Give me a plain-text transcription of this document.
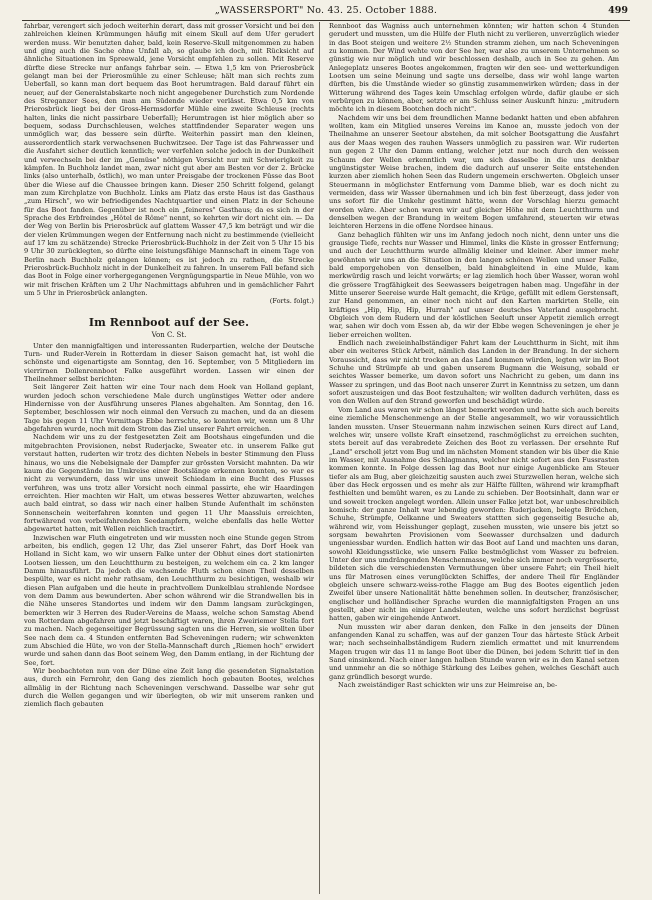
„WASSERSPORT" No. 43. 25. October 1888.	499

fahrbar, verengert sich jedoch weiterhin derart, dass mit grosser Vorsicht und bei den zahlreichen kleinen Krümmungen häufig mit einem Skull auf dem Ufer gerudert werden muss. Wir benutzten daher, bald, kein Reserve-Skull mitgenommen zu haben und ging auch die Sache ohne Unfall ab, so glaube ich doch, mit Rücksicht auf ähnliche Situationen im Spreewald, jene Vorsicht empfehlen zu sollen. Mit Reserve dürfte diese Strecke nur anfangs fahrbar sein. — Etwa 1,5 km von Prierosbrück gelangt man bei der Prierosmühle zu einer Schleuse; hält man sich rechts zum Ueberfall, so kann man dort bequem das Boot herumtragen. Bald darauf führt ein neuer, auf der Generalstabskarte noch nicht angegebener Durchstich zum Nordende des Streganzer Sees, den man am Südende wieder verlässt. Etwa 0,5 km von Prierosbrück liegt bei der Gross-Hermsdorfer Mühle eine zweite Schleuse (rechts halten, links die nicht passirbare Ueberfall); Herumtragen ist hier möglich aber so bequem, sodass Durchschleusen, welches stattfindender Separater wegen uns unmöglich war, das bessere sein dürfte. Weiterhin passirt man den kleinen, ausserordentlich stark verwachsenen Buchwitzsee. Der Tage ist das Fahrwasser und die Ausfahrt sicher deutlich kenntlich; wer verfehlen solche jedoch in der Dunkelheit und verwechseln bei der im „Gemüse" nöthigen Vorsicht nur mit Schwierigkeit zu kämpfen. In Buchholz landet man, zwar nicht gut aber am Besten vor der 2. Brücke links (also unterhalb, östlich), wo man unter Preisgabe der trockenen Füsse das Boot über die Wiese auf die Chaussee bringen kann. Dieser 250 Schritt folgend, gelangt man zum Kirchplatze von Buchholz. Links am Platz das erste Haus ist das Gasthaus „zum Hirsch", wo wir befriedigendes Nachtquartier und einen Platz in der Scheune für das Boot fanden. Gegenüber ist noch ein „feineres" Gasthaus; da es sich in der Sprache des Erbfreindes „Hôtel de Rôme" nennt, so kehrten wir dort nicht ein. — Da der Weg von Berlin bis Prierosbrück auf glattem Wasser 47,5 km beträgt und wir die der vielen Krümmungen wegen der Entfernung nach nicht zu bestimmende (vielleicht auf 17 km zu schätzende) Strecke Prierosbrück-Buchholz in der Zeit von 5 Uhr 15 bis 9 Uhr 30 zurücklegten, so dürfte eine leistungsfähige Mannschaft in einem Tage von Berlin nach Buchholz gelangen können; es ist jedoch zu rathen, die Strecke Prierosbrück-Buchholz nicht in der Dunkelheit zu fahren. In unserem Fall befand sich das Boot in Folge einer vorhergegangenen Vergnügungspartie in Neue Mühle, von wo wir mit frischen Kräften um 2 Uhr Nachmittags abfuhren und in gemächlicher Fahrt um 5 Uhr in Prierosbrück anlangten.

(Forts. folgt.)
Im Rennboot auf der See.
Von C. St.

Unter den mannigfaltigen und interessanten Ruderpartien, welche der Deutsche Turn- und Ruder-Verein in Rotterdam in dieser Saison gemacht hat, ist wohl die schönste und eigenartigste am Sonntag, den 16. September, von 5 Mitgliedern im vierrirnen Dollenrennboot Falke ausgeführt worden. Lassen wir einen der Theilnehmer selbst berichten:

Seit längerer Zeit hatten wir eine Tour nach dem Hoek van Holland geplant, wurden jedoch schon verschiedene Male durch ungünstiges Wetter oder andere Hindernisse von der Ausführung unseres Planes abgehalten. Am Sonntag, den 16. September, beschlossen wir noch einmal den Versuch zu machen, und da an diesem Tage bis gegen 11 Uhr Vormittags Ebbe herrschte, so konnten wir, wenn um 8 Uhr abgefahren wurde, noch mit dem Strom das Ziel unserer Fahrt erreichen.

Nachdem wir uns zu der festgesetzten Zeit am Bootshaus eingefunden und die mitgebrachten Provisionen, nebst Ruderjacke, Sweater etc. in unserem Falke gut verstaut hatten, ruderten wir trotz des dichten Nebels in bester Stimmung den Fluss hinaus, wo uns die Nebelsignale der Dampfer zur grössten Vorsicht mahnten. Da wir kaum die Gegenstände im Umkreise einer Bootslänge erkennen konnten, so war es nicht zu verwundern, dass wir uns unweit Schiedam in eine Bucht des Flusses verfuhren, was uns trotz aller Vorsicht noch einmal passirte, ehe wir Haardingen erreichten. Hier machten wir Halt, um etwas besseres Wetter abzuwarten, welches auch bald eintrat, so dass wir nach einer halben Stunde Aufenthalt im schönsten Sonnenschein weiterfahren konnten und gegen 11 Uhr Maassluis erreichten, fortwährend von vorbeifahrenden Seedampfern, welche ebenfalls das helle Wetter abgewartet hatten, mit Wellen reichlich tractirt.

Inzwischen war Fluth eingetreten und wir mussten noch eine Stunde gegen Strom arbeiten, bis endlich, gegen 12 Uhr, das Ziel unserer Fahrt, das Dorf Hoek van Holland in Sicht kam, wo wir unsern Falke unter der Obhut eines dort stationirten Lootsen liessen, um den Leuchtthurm zu besteigen, zu welchem ein ca. 2 km langer Damm hinausführt. Da jedoch die wachsende Fluth schon einen Theil desselben bespülte, war es nicht mehr rathsam, den Leuchtthurm zu besichtigen, weshalb wir diesen Plan aufgaben und die heute in prachtvollem Dunkelblau strahlende Nordsee von dem Damm aus bewunderten. Aber schon während wir die Strandwellen bis in die Nähe unseres Standortes und indem wir den Damm langsam zurückgingen, bemerkten wir 3 Herren des Ruder-Vereins de Maass, welche schon Samstag Abend von Rotterdam abgefahren und jetzt beschäftigt waren, ihren Zweiriemer Stella fort zu machen. Nach gegenseitiger Begrüssung sagten uns die Herren, sie wollten über See nach dem ca. 4 Stunden entfernten Bad Scheveningen rudern; wir schwenkten zum Abschied die Hüte, wo von der Stella-Mannschaft durch „Riemen hoch" erwidert wurde und sahen dann das Boot seinem Weg, den Damm entlang, in der Richtung der See, fort.

Wir beobachteten nun von der Düne eine Zeit lang die gesendeten Signalstation aus, durch ein Fernrohr, den Gang des ziemlich hoch gebauten Bootes, welches allmälig in der Richtung nach Scheveningen verschwand. Dasselbe war sehr gut durch die Wellen gegangen und wir überlegten, ob wir mit unserem ranken und ziemlich flach gebauten

Rennboot das Wagniss auch unternehmen könnten; wir hatten schon 4 Stunden gerudert und mussten, um die Hülfe der Fluth nicht zu verlieren, unverzüglich wieder in das Boot steigen und weitere 2½ Stunden stramm ziehen, um nach Scheveningen zu kommen. Der Wind wehte von der See her, war also zu unserem Unternehmen so günstig wie nur möglich und wir beschlossen deshalb, auch in See zu gehen. Am Anlegeplatz unseres Bootes angekommen, fragten wir den see- und wetterkundigen Lootsen um seine Meinung und sagte uns derselbe, dass wir wohl lange warten dürften, bis die Umstände wieder so günstig zusammenwirken würden; dass in der Witterung während des Tages kein Umschlag erfolgen würde, dafür glaube er sich verbürgen zu können, aber, setzte er am Schluss seiner Auskunft hinzu: „mitrudern möchte ich in diesem Bootchen doch nicht".

Nachdem wir uns bei dem freundlichen Manne bedankt hatten und eben abfahren wollten, kam ein Mitglied unseres Vereins im Kanoe an, musste jedoch von der Theilnahme an unserer Seetour abstehen, da mit solcher Bootsgattung die Ausfahrt aus der Maas wegen des rauhen Wassers unmöglich zu passiren war. Wir ruderten nun gegen 2 Uhr den Damm entlang, welcher jetzt nur noch durch den weissen Schaum der Wellen erkenntlich war, um sich dasselbe in die uns denkbar ungünstigster Weise brachen, indem die dadurch auf unserer Seite entstehenden kurzen aber ziemlich hohen Seen das Rudern ungemein erschwerten. Obgleich unser Steuermann in möglichster Entfernung vom Damme blieb, war es doch nicht zu vermeiden, dass wir Wasser übernahmen und ich bin fest überzeugt, dass jeder von uns sofort für die Umkehr gestimmt hätte, wenn der Vorschlag hierzu gemacht worden wäre. Aber schon waren wir auf gleicher Höhe mit dem Leuchtthurm und denselben wegen der Brandung in weitem Bogen umfahrend, steuerten wir etwas leichteren Herzens in die offene Nordsee hinaus.

Ganz behaglich fühlten wir uns im Anfang jedoch noch nicht, denn unter uns die grausige Tiefe, rechts nur Wasser und Himmel, links die Küste in grosser Entfernung; und auch der Leuchtthurm wurde allmälig kleiner und kleiner. Aber immer mehr gewöhnten wir uns an die Situation in den langen schönen Wellen und unser Falke, bald emporgehoben von denselben, bald hinabgleitend in eine Mulde, kam merkwürdig rasch und leicht vorwärts; er lag ziemlich hoch über Wasser, woran wohl die grössere Tragfähigkeit des Seewassers beigetragen haben mag. Ungefähr in der Mitte unserer Seereise wurde Halt gemacht, die Krüge, gefüllt mit edlem Gerstensaft, zur Hand genommen, an einer noch nicht auf den Karten markirten Stelle, ein kräftiges „Hip, Hip, Hip, Hurrah" auf unser deutsches Vaterland ausgebracht. Obgleich von dem Rudern und der köstlichen Seeluft unser Appetit ziemlich erregt war, sahen wir doch vom Essen ab, da wir der Ebbe wegen Scheveningen je eher je lieber erreichen wollten.

Endlich nach zweieinhalbständiger Fahrt kam der Leuchtthurm in Sicht, mit ihm aber ein weiteres Stück Arbeit, nämlich das Landen in der Brandung. In der sichern Voraussicht, dass wir nicht trocken an das Land kommen würden, legten wir im Boot Schuhe und Strümpfe ab und gaben unserem Bugmann die Weisung, sobald er seichtes Wasser bemerke, um davon sofort uns Nachricht zu geben, um dann ins Wasser zu springen, und das Boot nach unserer Zurrt in Kenntniss zu setzen, um dann sofort auszusteigen und das Boot festzuhalten; wir wollten dadurch verhüten, dass es von den Wellen auf den Strand geworfen und beschädigt würde.

Vom Land aus waren wir schon längst bemerkt worden und hatte sich auch bereits eine ziemliche Menschenmenge an der Stelle angesammelt, wo wir voraussichtlich landen mussten. Unser Steuermann nahm inzwischen seinen Kurs direct auf Land, welches wir, unsere vollste Kraft einsetzend, raschmöglichst zu erreichen suchten, stets bereit auf das verabredete Zeichen des Boot zu verlassen. Der ersehnte Ruf „Land" erscholl jetzt vom Bug und im nächsten Moment standen wir bis über die Knie im Wasser, mit Ausnahme des Schlagmanns, welcher nicht sofort aus den Fussrasten kommen konnte. In Folge dessen lag das Boot nur einige Augenblicke am Steuer tiefer als am Bug, aber gleichzeitig sausten auch zwei Sturzwellen heran, welche sich über das Heck ergossen und es mehr als zur Hälfte füllten, während wir krampfhaft festhielten und bemüht waren, es zu Lande zu schieben. Der Bootsinhalt, dann war er und soweit trocken angelegt worden. Allein unser Falke jetzt bot, war unbeschreiblich komisch: der ganze Inhalt war lebendig geworden: Ruderjacken, belegte Brödchen, Schuhe, Strümpfe, Oelkanne und Sweaters stattten sich gegenseitig Besuche ab, während wir, vom Heisshunger geplagt, zusehen mussten, wie unsere bis jetzt so sorgsam bewahrten Provisionen vom Seewasser durchsalzen und dadurch ungeniessbar wurden. Endlich hatten wir das Boot auf Land und machten uns daran, sowohl Kleidungsstücke, wie unsern Falke bestmöglichst vom Wasser zu befreien. Unter der uns umdrängenden Menschenmasse, welche sich immer noch vergrösserte, bildeten sich die verschiedensten Vermuthungen über unsere Fahrt; ein Theil hielt uns für Matrosen eines verunglückten Schiffes, der andere Theil für Engländer obgleich unsere schwarz-weiss-rothe Flagge am Bug des Bootes eigentlich jeden Zweifel über unsere Nationalität hätte benehmen sollen. In deutscher, französischer, englischer und holländischer Sprache wurden die mannigfaltigsten Fragen an uns gestellt, aber nicht im einiger Landsleuten, welche uns sofort herzlichst begrüsst hatten, gaben wir eingehende Antwort.

Nun mussten wir aber daran denken, den Falke in den jenseits der Dünen anfangenden Kanal zu schaffen, was auf der ganzen Tour das härteste Stück Arbeit war; nach sechseinhalbständigem Rudern ziemlich ermattet und mit knurrendem Magen trugen wir das 11 m lange Boot über die Dünen, bei jedem Schritt tief in den Sand einsinkend. Nach einer langen halben Stunde waren wir es in den Kanal setzen und unnmehr an die so nöthige Stärkung des Leibes gehen, welches Geschäft auch ganz gründlich besorgt wurde.

Nach zweiständiger Rast schickten wir uns zur Heimreise an, be-
